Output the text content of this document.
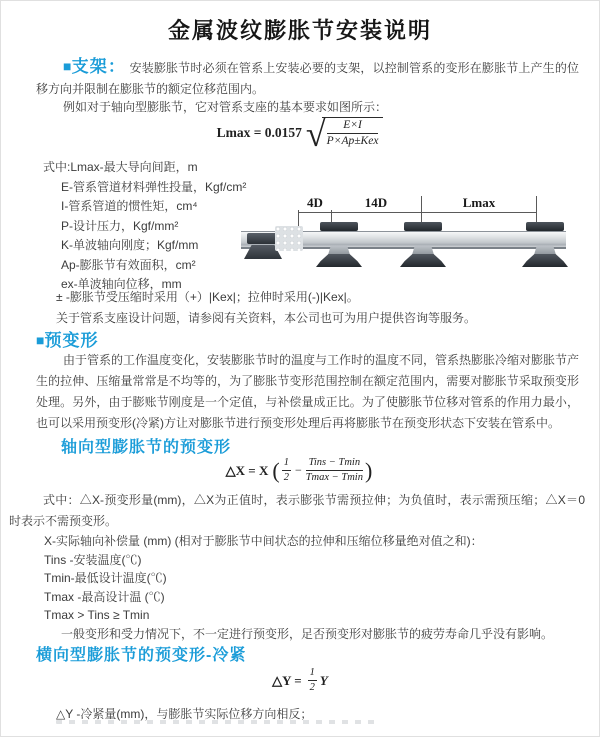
金属波纹膨胀节安装说明
■支架： 安装膨胀节时必须在管系上安装必要的支架，以控制管系的变形在膨胀节上产生的位移方向并限制在膨胀节的额定位移范围内。
例如对于轴向型膨胀节，它对管系支座的基本要求如图所示：
Lmax = 0.0157 √ $\frac{E\times I}{\text{P×Ap±Kex}}$
式中:Lmax-最大导向间距，m
E-管系管道材料弹性投量，Kgf/cm²
I-管系管道的惯性矩，cm⁴
P-设计压力，Kgf/mm²
K-单波轴向刚度；Kgf/mm
Ap-膨胀节有效面积，cm²
ex-单波轴向位移，mm
± -膨胀节受压缩时采用（+）|Kex|；拉伸时采用(-)|Kex|。
关于管系支座设计问题，请参阅有关资料，本公司也可为用户提供咨询等服务。
4D	14D	Lmax
■预变形
由于管系的工作温度变化，安装膨胀节时的温度与工作时的温度不同，管系热膨胀冷缩对膨胀节产生的拉伸、压缩量常常是不均等的，为了膨胀节变形范围控制在额定范围内，需要对膨胀节采取预变形处理。另外，由于膨账节刚度是一个定值，与补偿量成正比。为了使膨胀节位移对管系的作用力最小，也可以采用预变形(冷紧)方让对膨胀节进行预变形处理后再将膨胀节在预变形状态下安装在管系中。
轴向型膨胀节的预变形
△X = X ( $\frac{1}{2} - \frac{\text{Tins − Tmin}}{Tmax - Tmin}$ )
式中：△X-预变形量(mm)，△X为正值时，表示膨张节需预拉伸；为负值时，表示需预压缩；△X＝0时表示不需预变形。
X-实际轴向补偿量 (mm) (相对于膨胀节中间状态的拉伸和压缩位移量绝对值之和)：
Tins -安装温度(℃)
Tmin-最低设计温度(℃)
Tmax -最高设计温 (℃)
Tmax > Tins ≥ Tmin
一般变形和受力情况下，不一定进行预变形，足否预变形对膨胀节的疲劳寿命几乎没有影响。
横向型膨胀节的预变形-冷紧
△Y = $\frac{1}{2}$ Y
△Y -冷紧量(mm)，与膨胀节实际位移方向相反；
